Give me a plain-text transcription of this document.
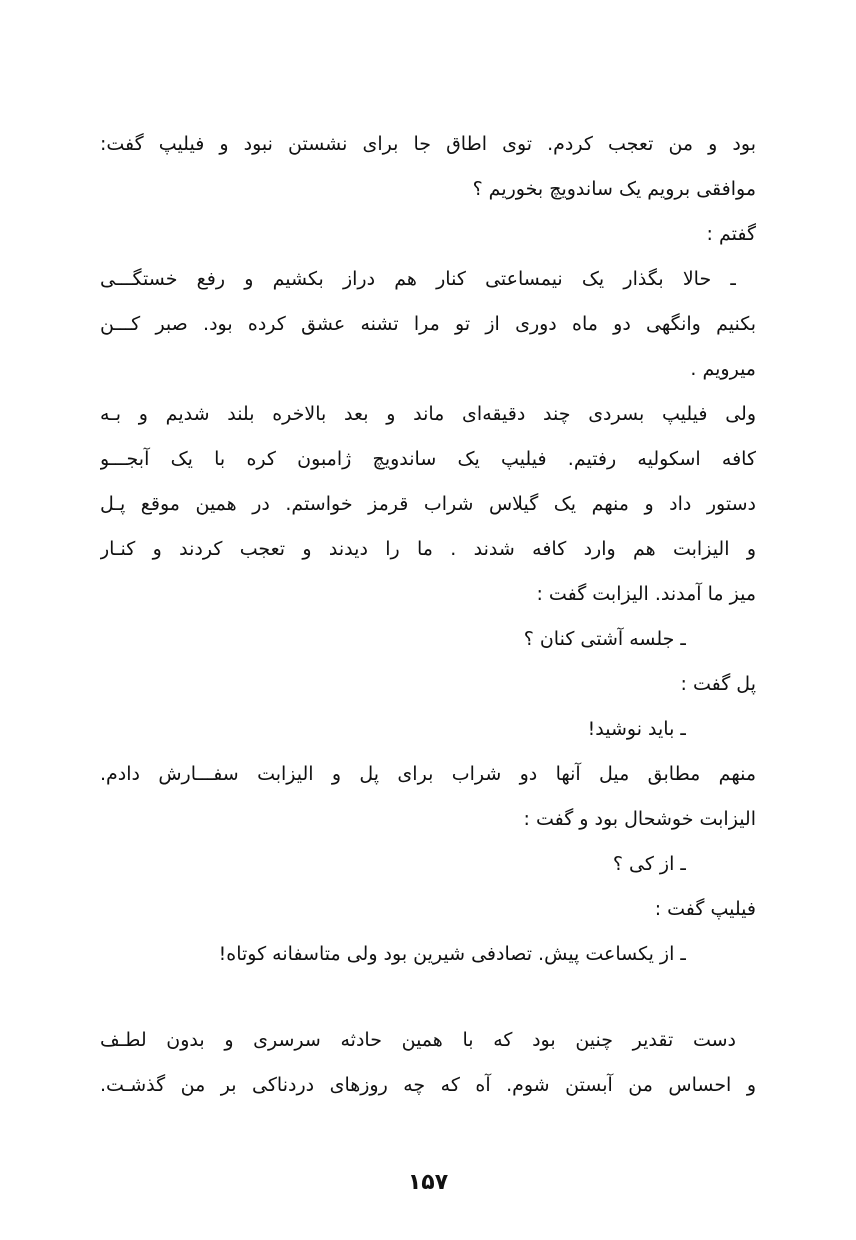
بود و من تعجب کردم. توی اطاق جا برای نشستن نبود و فیلیپ گفت:
موافقی برویم یک ساندویچ بخوریم ؟
گفتم :
ـ حالا بگذار یک نیمساعتی کنار هم دراز بکشیم و رفع خستگـــی
بکنیم وانگهی دو ماه دوری از تو مرا تشنه عشق کرده بود. صبر کـــن
میرویم .
ولی فیلیپ بسردی چند دقیقه‌ای ماند و بعد بالاخره بلند شدیم و بـه
کافه اسکولیه رفتیم. فیلیپ یک ساندویچ ژامبون کره با یک آبجـــو
دستور داد و منهم یک گیلاس شراب قرمز خواستم. در همین موقع پـل
و الیزابت هم وارد کافه شدند . ما را دیدند و تعجب کردند و کنـار
میز ما آمدند. الیزابت گفت :
ـ جلسه آشتی کنان ؟
پل گفت :
ـ باید نوشید!
منهم مطابق میل آنها دو شراب برای پل و الیزابت سفـــارش دادم.
الیزابت خوشحال بود و گفت :
ـ از کی ؟
فیلیپ گفت :
ـ از یکساعت پیش. تصادفی شیرین بود ولی متاسفانه کوتاه!
دست تقدیر چنین بود که با همین حادثه سرسری و بدون لطـف
و احساس من آبستن شوم. آه که چه روزهای دردناکی بر من گذشـت.
۱۵۷
